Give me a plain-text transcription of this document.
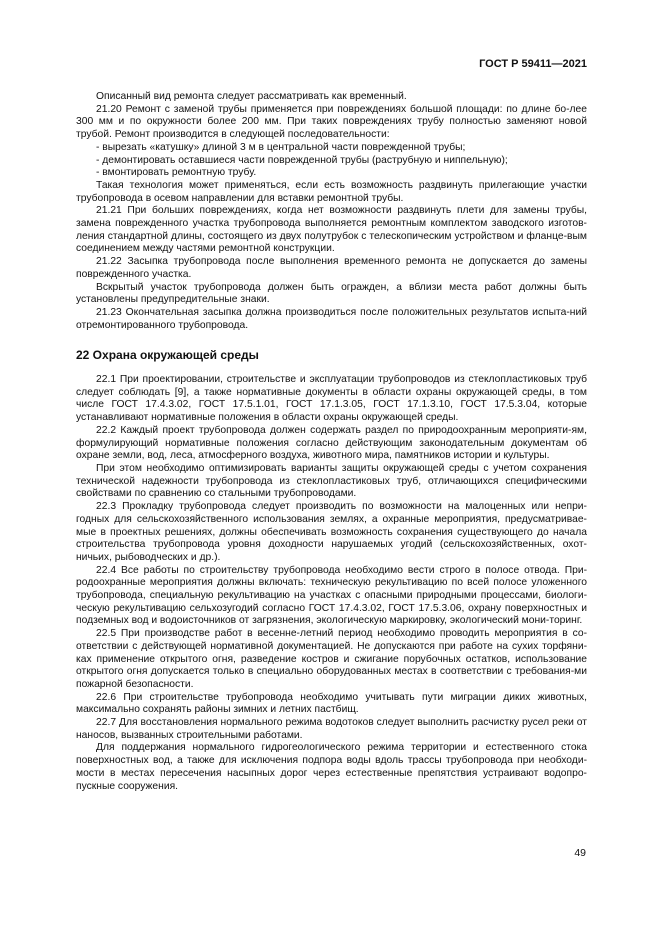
ГОСТ Р 59411—2021

Описанный вид ремонта следует рассматривать как временный.

21.20 Ремонт с заменой трубы применяется при повреждениях большой площади: по длине бо-лее 300 мм и по окружности более 200 мм. При таких повреждениях трубу полностью заменяют новой трубой. Ремонт производится в следующей последовательности:

- вырезать «катушку» длиной 3 м в центральной части поврежденной трубы;

- демонтировать оставшиеся части поврежденной трубы (раструбную и ниппельную);

- вмонтировать ремонтную трубу.

Такая технология может применяться, если есть возможность раздвинуть прилегающие участки трубопровода в осевом направлении для вставки ремонтной трубы.

21.21 При больших повреждениях, когда нет возможности раздвинуть плети для замены трубы, замена поврежденного участка трубопровода выполняется ремонтным комплектом заводского изготов-ления стандартной длины, состоящего из двух полутрубок с телескопическим устройством и фланце-вым соединением между частями ремонтной конструкции.

21.22 Засыпка трубопровода после выполнения временного ремонта не допускается до замены поврежденного участка.

Вскрытый участок трубопровода должен быть огражден, а вблизи места работ должны быть установлены предупредительные знаки.

21.23 Окончательная засыпка должна производиться после положительных результатов испыта-ний отремонтированного трубопровода.

22 Охрана окружающей среды

22.1 При проектировании, строительстве и эксплуатации трубопроводов из стеклопластиковых труб следует соблюдать [9], а также нормативные документы в области охраны окружающей среды, в том числе ГОСТ 17.4.3.02, ГОСТ 17.5.1.01, ГОСТ 17.1.3.05, ГОСТ 17.1.3.10, ГОСТ 17.5.3.04, которые устанавливают нормативные положения в области охраны окружающей среды.

22.2 Каждый проект трубопровода должен содержать раздел по природоохранным мероприяти-ям, формулирующий нормативные положения согласно действующим законодательным документам об охране земли, вод, леса, атмосферного воздуха, животного мира, памятников истории и культуры.

При этом необходимо оптимизировать варианты защиты окружающей среды с учетом сохранения технической надежности трубопровода из стеклопластиковых труб, отличающихся специфическими свойствами по сравнению со стальными трубопроводами.

22.3 Прокладку трубопровода следует производить по возможности на малоценных или непри-годных для сельскохозяйственного использования землях, а охранные мероприятия, предусматривае-мые в проектных решениях, должны обеспечивать возможность сохранения существующего до начала строительства трубопровода уровня доходности нарушаемых угодий (сельскохозяйственных, охот-ничьих, рыбоводческих и др.).

22.4 Все работы по строительству трубопровода необходимо вести строго в полосе отвода. При-родоохранные мероприятия должны включать: техническую рекультивацию по всей полосе уложенного трубопровода, специальную рекультивацию на участках с опасными природными процессами, биологи-ческую рекультивацию сельхозугодий согласно ГОСТ 17.4.3.02, ГОСТ 17.5.3.06, охрану поверхностных и подземных вод и водоисточников от загрязнения, экологическую маркировку, экологический мони-торинг.

22.5 При производстве работ в весенне-летний период необходимо проводить мероприятия в со-ответствии с действующей нормативной документацией. Не допускаются при работе на сухих торфяни-ках применение открытого огня, разведение костров и сжигание порубочных остатков, использование открытого огня допускается только в специально оборудованных местах в соответствии с требования-ми пожарной безопасности.

22.6 При строительстве трубопровода необходимо учитывать пути миграции диких животных, максимально сохранять районы зимних и летних пастбищ.

22.7 Для восстановления нормального режима водотоков следует выполнить расчистку русел реки от наносов, вызванных строительными работами.

Для поддержания нормального гидрогеологического режима территории и естественного стока поверхностных вод, а также для исключения подпора воды вдоль трассы трубопровода при необходи-мости в местах пересечения насыпных дорог через естественные препятствия устраивают водопро-пускные сооружения.

49
